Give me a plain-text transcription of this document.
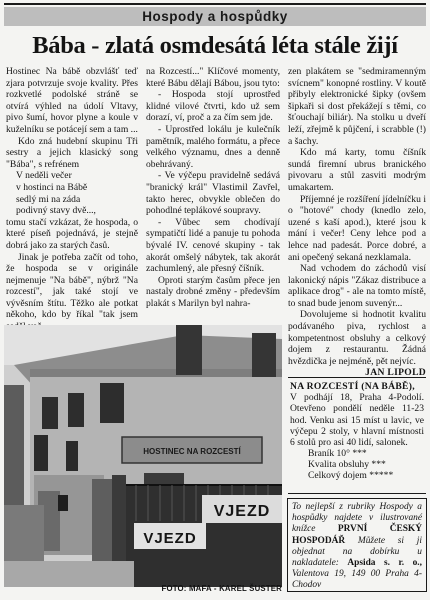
Hospody a hospůdky
Bába - zlatá osmdesátá léta stále žijí

Hostinec Na bábě obzvlášť teď zjara potvrzuje svoje kvality. Přes rozkvetlé podolské stráně se otvírá výhled na údolí Vltavy, pivo šumí, hovor plyne a koule v kuželníku se potácejí sem a tam ...

Kdo zná hudební skupinu Tři sestry a jejich klasický song "Bába", s refrénem

V neděli večer

v hostinci na Bábě

sedlý mi na záda

podivný stavy dvě...,

tomu stačí vzkázat, že hospoda, o které píseň pojednává, je stejně dobrá jako za starých časů.

Jinak je potřeba začít od toho, že hospoda se v originále nejmenuje "Na bábě", nýbrž "Na rozcestí", jak také stojí ve vývěsním štítu. Těžko ale potkat někoho, kdo by říkal "tak jsem

na Rozcestí..." Klíčové momenty, které Bábu dělají Bábou, jsou tyto:

- Hospoda stojí uprostřed klidné vilové čtvrti, kdo už sem dorazí, ví, proč a za čím sem jde.

- Uprostřed lokálu je kulečník pamětník, malého formátu, a přece velkého významu, dnes a denně obehrávaný.

- Ve výčepu pravidelně sedává "branický král" Vlastimil Zavřel, takto herec, obvykle oblečen do pohodlné teplákové soupravy.

- Vůbec sem chodívají sympatičtí lidé a panuje tu pohoda bývalé IV. cenové skupiny - tak akorát omšelý nábytek, tak akorát zachumlený, ale přesný číšník.

Oproti starým časům přece jen nastaly drobné změny - především plakát s Marilyn byl nahra-

zen plakátem se "sedmiramenným svícnem" konopné rostliny. V koutě přibyly elektronické šipky (ovšem šipkaři si dost překážejí s těmi, co šťouchají biliár). Na stolku u dveří leží, zřejmě k půjčení, i scrabble (!) a šachy.

Kdo má karty, tomu číšník sundá firemní ubrus branického pivovaru a stůl zasviti modrým umakartem.

Příjemné je rozšíření jídelníčku i o "hotové" chody (knedlo zelo, uzené s kaší apod.), které jsou k mání i večer! Ceny lehce pod a lehce nad padesát. Porce dobré, a ani opečený sekaná nezklamala.

Nad vchodem do záchodů visí lakonický nápis "Zákaz distribuce a aplikace drog" - ale na tomto místě, to snad bude jenom suvenýr...

Dovolujeme si hodnotit kvalitu podávaného piva, rychlost a kompetentnost obsluhy a celkový dojem z restaurantu. Žádná hvězdička je nejméně, pět nejvíc.

JAN LIPOLD

HOSTINEC NA ROZCESTÍ
VJEZD
VJEZD
FOTO: MAFA - KAREL ŠUSTER
NA ROZCESTÍ (NA BÁBĚ),
V podhájí 18, Praha 4-Podolí. Otevřeno pondělí neděle 11-23 hod. Venku asi 15 míst u lavic, ve výčepu 2 stoly, v hlavní místnosti 6 stolů pro asi 40 lidí, salonek.
Braník 10° ***
Kvalita obsluhy ***
Celkový dojem *****
To nejlepší z rubriky Hospody a hospůdky najdete v ilustrované knížce PRVNÍ ČESKÝ HOSPODÁŘ Můžete si ji objednat na dobírku u nakladatele: Apsida s. r. o., Valentova 19, 149 00 Praha 4-Chodov
